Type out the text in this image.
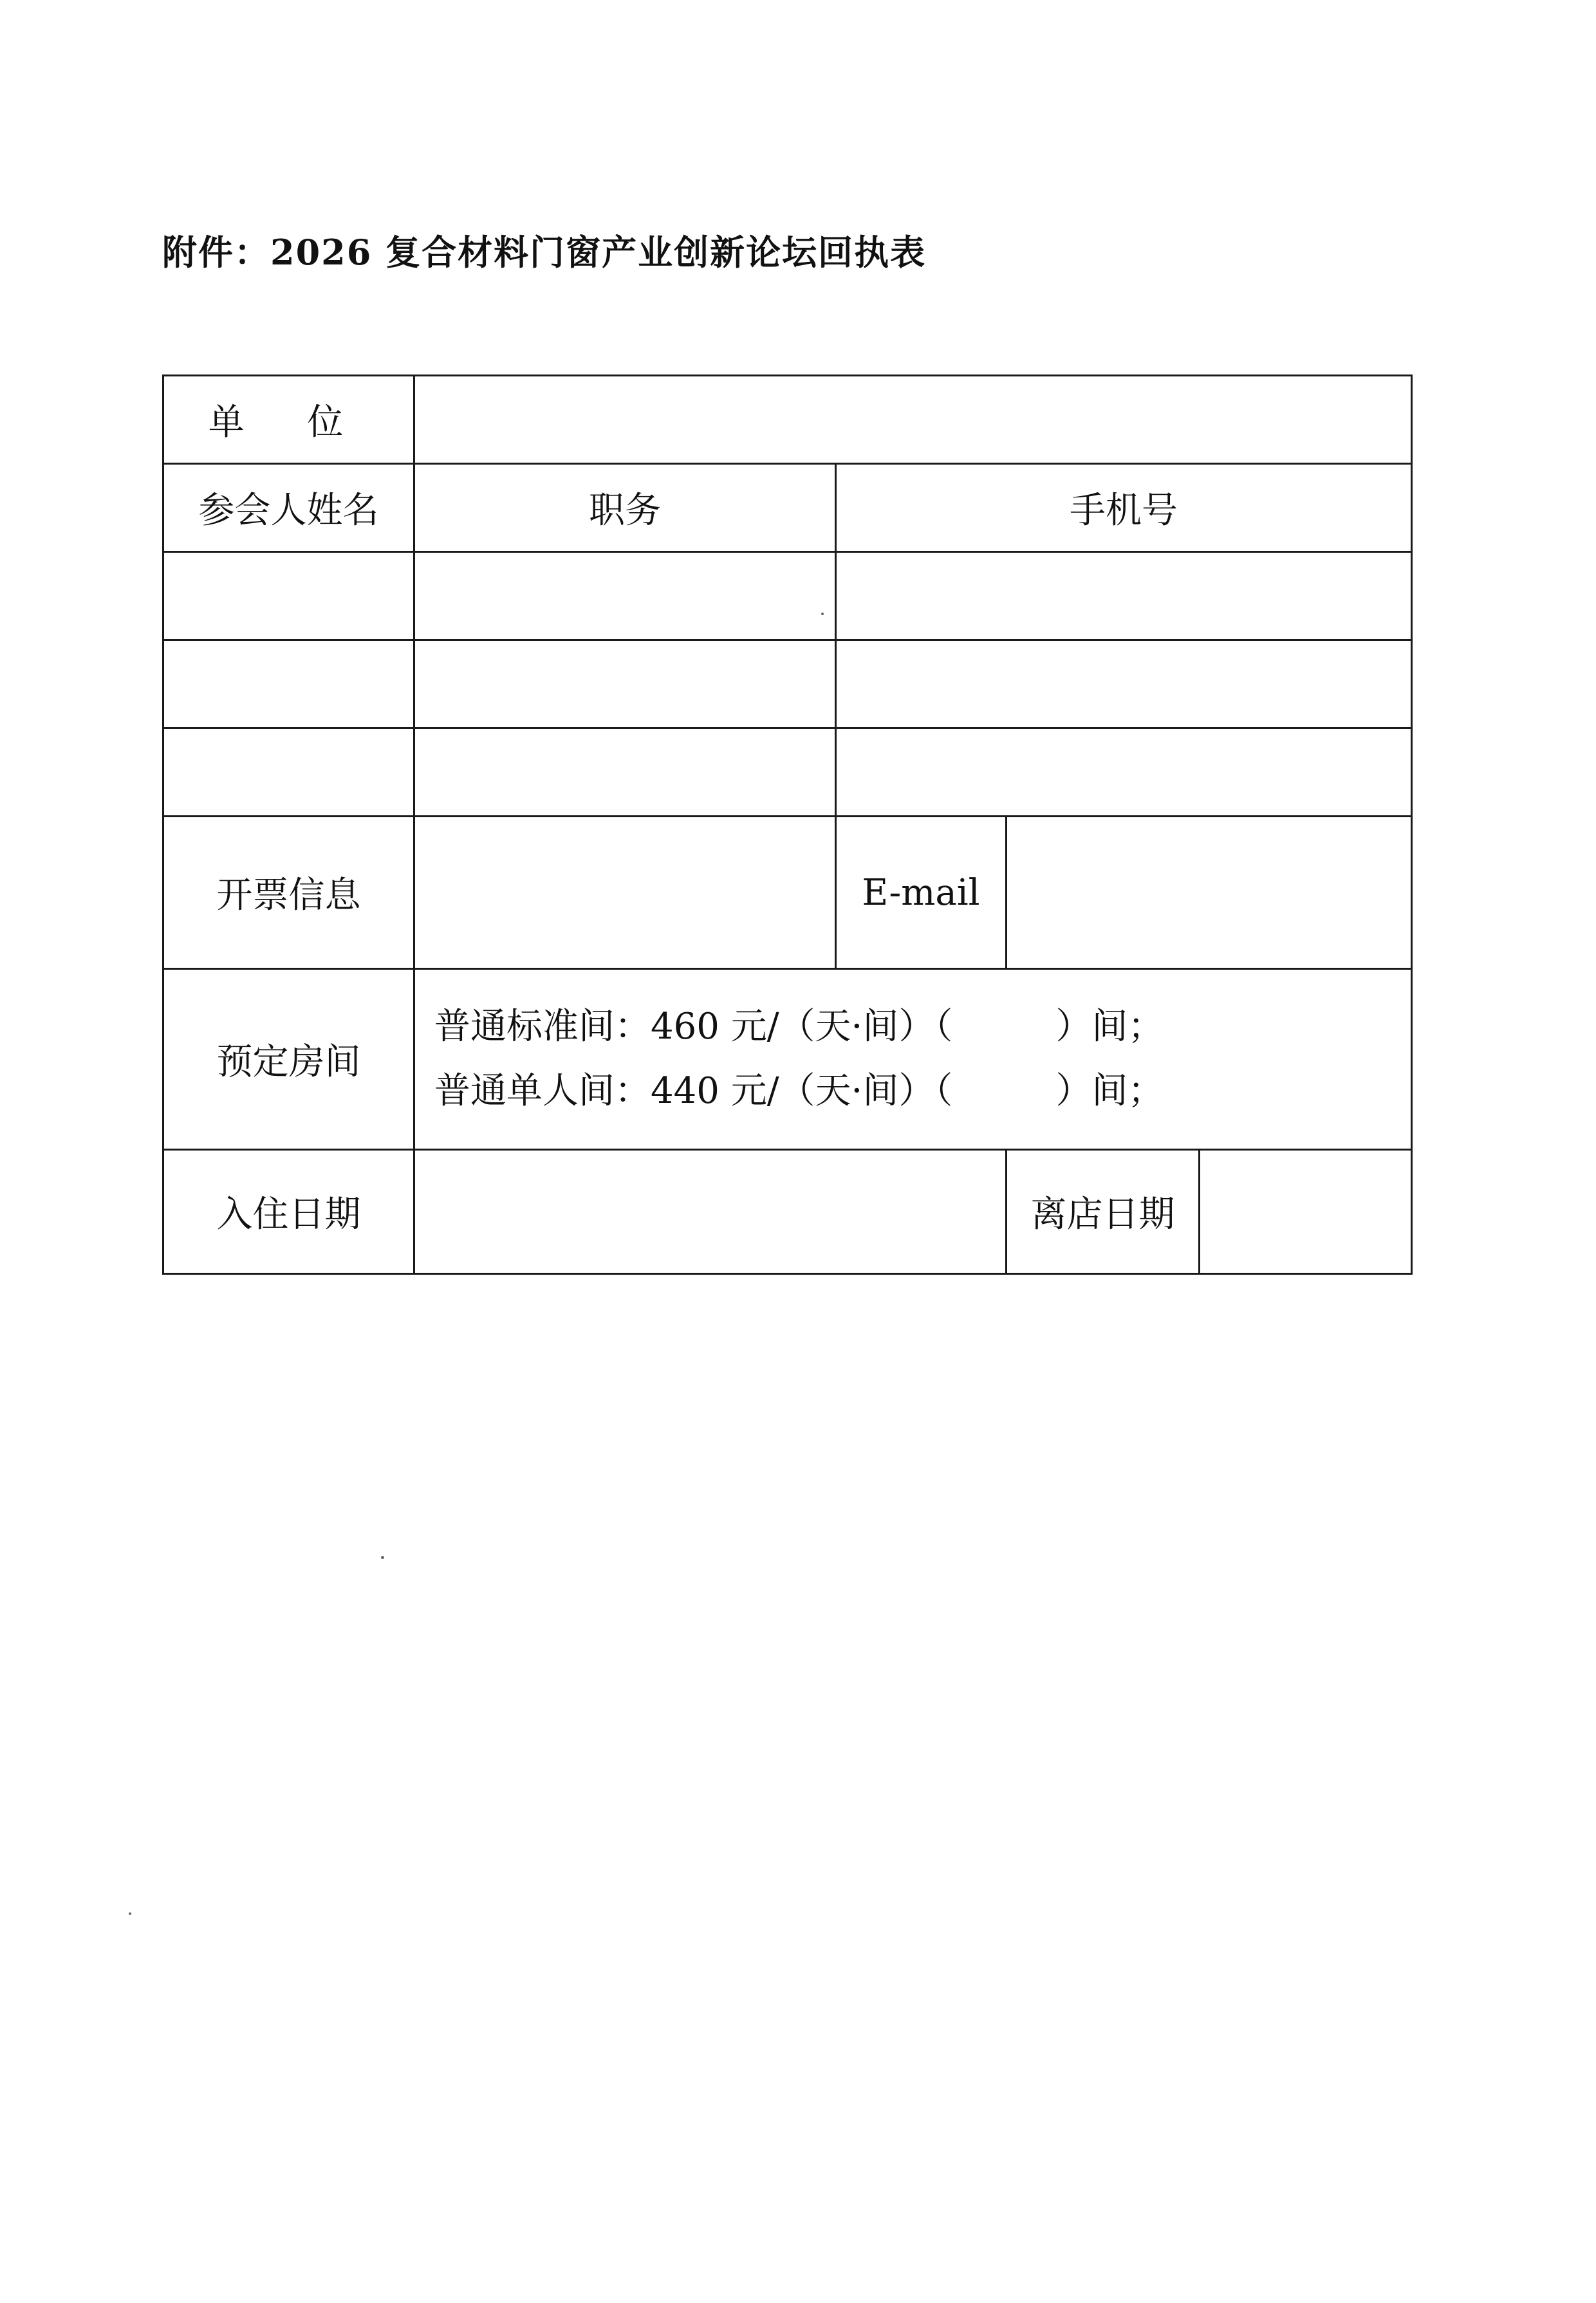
附件：2026 复合材料门窗产业创新论坛回执表
单 位				
参会人姓名	职务	手机号		

开票信息		E-mail		
预定房间	普通标准间：460 元/（天·间）（ ）间；
普通单人间：440 元/（天·间）（ ）间；			

入住日期			离店日期	
